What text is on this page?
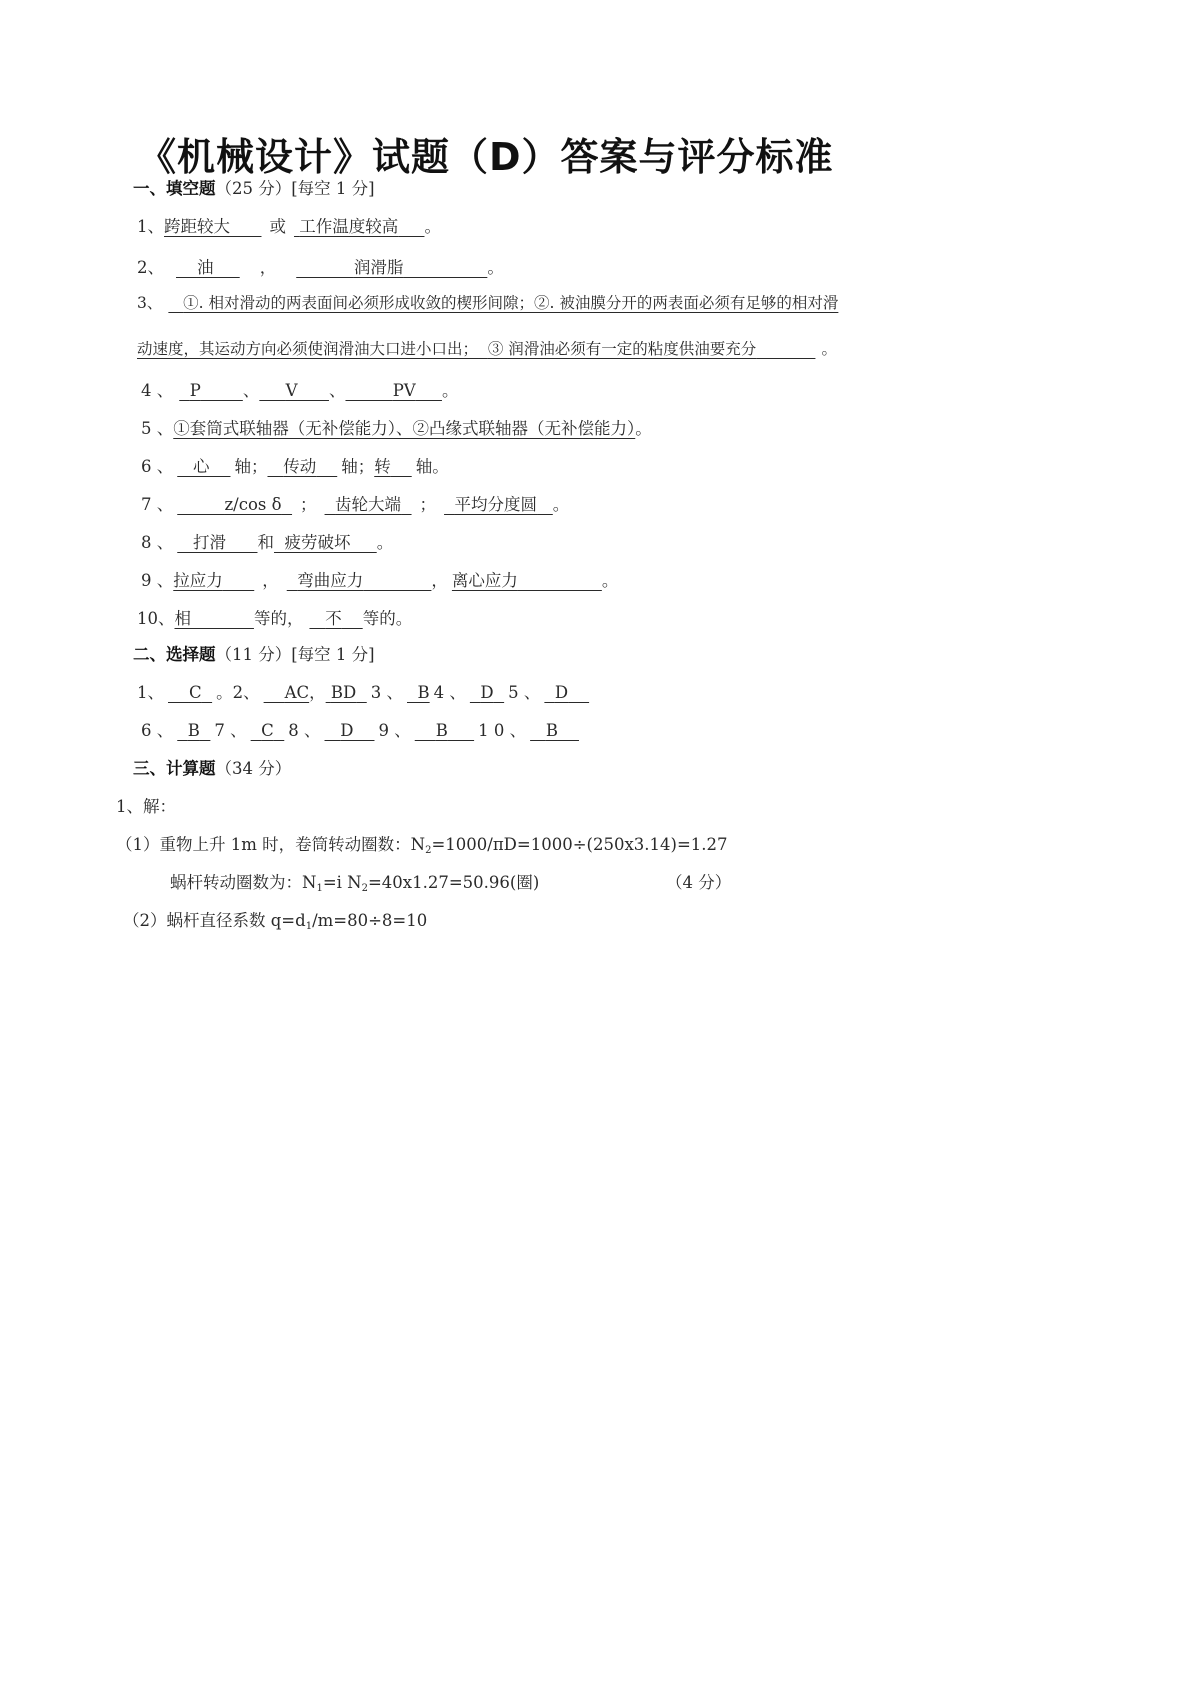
《机械设计》试题（D）答案与评分标准
一、填空题（25 分）[每空 1 分]
1、跨距较大 或 工作温度较高 。
2、 油	，	润滑脂	。
3、 ①. 相对滑动的两表面间必须形成收敛的楔形间隙；②. 被油膜分开的两表面必须有足够的相对滑
动速度，其运动方向必须使润滑油大口进小口出； ③ 润滑油必须有一定的粘度供油要充分	。
4 、 P	、 V 、	PV 。
5 、①套筒式联轴器（无补偿能力）、②凸缘式联轴器（无补偿能力）。
6 、 心 轴； 传动 轴；转 轴。
7 、	z/cos δ ； 齿轮大端 ； 平均分度圆 。
8 、 打滑 和 疲劳破坏 。
9 、拉应力 ， 弯曲应力	， 离心应力	。
10、相	等的， 不 等的。
二、选择题（11 分）[每空 1 分]
1、 C 。2、 AC， BD 3 、 B 4 、 D 5 、 D
6 、 B 7 、 C 8 、 D 9 、 B 1 0 、 B
三、计算题（34 分）
1、解：
（1）重物上升 1m 时，卷筒转动圈数：$N_2=1000/\pi D=1000\div(250x3.14)=1.27$
蜗杆转动圈数为：$N_1=i$ $N_2=40x1.27=50.96$(圈)	（4 分）
（2）蜗杆直径系数 $q=d_1/m=80\div 8=10$
